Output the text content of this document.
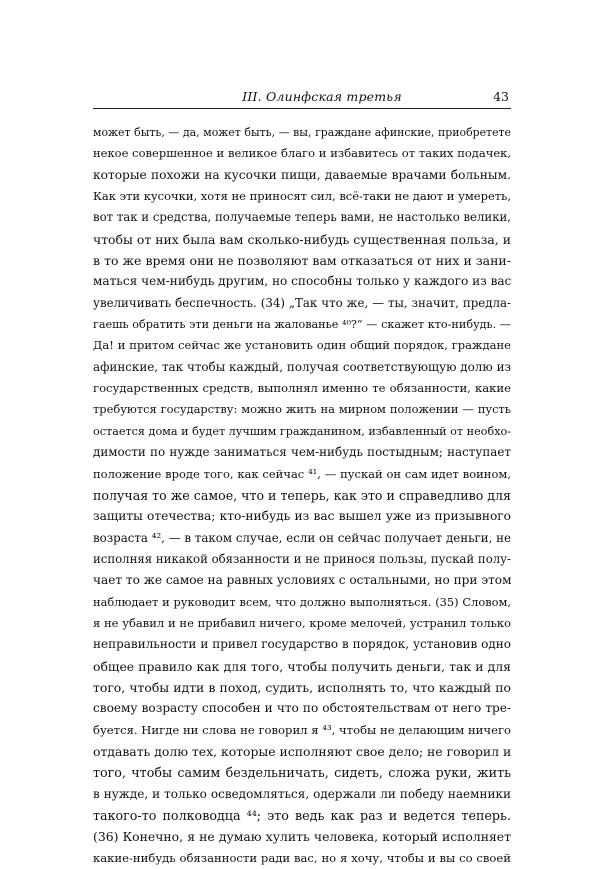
III. Олинфская третья	43
может быть, — да, может быть, — вы, граждане афинские, приобретете
некое совершенное и великое благо и избавитесь от таких подачек,
которые похожи на кусочки пищи, даваемые врачами больным.
Как эти кусочки, хотя не приносят сил, всё-таки не дают и умереть,
вот так и средства, получаемые теперь вами, не настолько велики,
чтобы от них была вам сколько-нибудь существенная польза, и
в то же время они не позволяют вам отказаться от них и зани-
маться чем-нибудь другим, но способны только у каждого из вас
увеличивать беспечность. (34) „Так что же, — ты, значит, предла-
гаешь обратить эти деньги на жалованье ⁴⁰?“ — скажет кто-нибудь. —
Да! и притом сейчас же установить один общий порядок, граждане
афинские, так чтобы каждый, получая соответствующую долю из
государственных средств, выполнял именно те обязанности, какие
требуются государству: можно жить на мирном положении — пусть
остается дома и будет лучшим гражданином, избавленный от необхо-
димости по нужде заниматься чем-нибудь постыдным; наступает
положение вроде того, как сейчас ⁴¹, — пускай он сам идет воином,
получая то же самое, что и теперь, как это и справедливо для
защиты отечества; кто-нибудь из вас вышел уже из призывного
возраста ⁴², — в таком случае, если он сейчас получает деньги, не
исполняя никакой обязанности и не принося пользы, пускай полу-
чает то же самое на равных условиях с остальными, но при этом
наблюдает и руководит всем, что должно выполняться. (35) Словом,
я не убавил и не прибавил ничего, кроме мелочей, устранил только
неправильности и привел государство в порядок, установив одно
общее правило как для того, чтобы получить деньги, так и для
того, чтобы идти в поход, судить, исполнять то, что каждый по
своему возрасту способен и что по обстоятельствам от него тре-
буется. Нигде ни слова не говорил я ⁴³, чтобы не делающим ничего
отдавать долю тех, которые исполняют свое дело; не говорил и
того, чтобы самим бездельничать, сидеть, сложа руки, жить
в нужде, и только осведомляться, одержали ли победу наемники
такого-то полководца ⁴⁴; это ведь как раз и ведется теперь.
(36) Конечно, я не думаю хулить человека, который исполняет
какие-нибудь обязанности ради вас, но я хочу, чтобы и вы со своей
